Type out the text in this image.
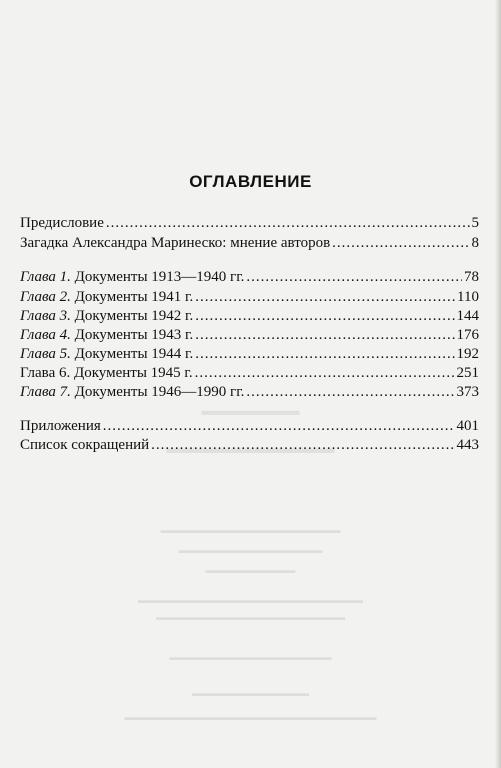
▬▬▬▬▬▬▬
▬▬▬▬▬▬▬▬▬▬▬▬
▬▬▬▬▬▬▬▬▬▬▬▬▬▬▬▬▬▬▬▬
▬▬▬▬▬▬▬▬▬▬▬▬▬▬▬▬
▬▬▬▬▬▬▬▬▬▬
▬▬▬▬▬▬▬▬▬▬▬▬▬▬▬▬▬▬▬▬▬▬▬▬▬
▬▬▬▬▬▬▬▬▬▬▬▬▬▬▬▬▬▬▬▬▬
▬▬▬▬▬▬▬▬▬▬▬▬▬▬▬▬▬▬
▬▬▬▬▬▬▬▬▬▬▬▬▬
▬▬▬▬▬▬▬▬▬▬▬▬▬▬▬▬▬▬▬▬▬▬▬▬▬▬▬▬
ОГЛАВЛЕНИЕ
Предисловие .....	5
Загадка Александра Маринеско: мнение авторов .....	8
Глава 1. Документы 1913—1940 гг. .....	78
Глава 2. Документы 1941 г. .....	110
Глава 3. Документы 1942 г. .....	144
Глава 4. Документы 1943 г. .....	176
Глава 5. Документы 1944 г. .....	192
Глава 6. Документы 1945 г. .....	251
Глава 7. Документы 1946—1990 гг. .....	373
Приложения .....	401
Список сокращений .....	443
